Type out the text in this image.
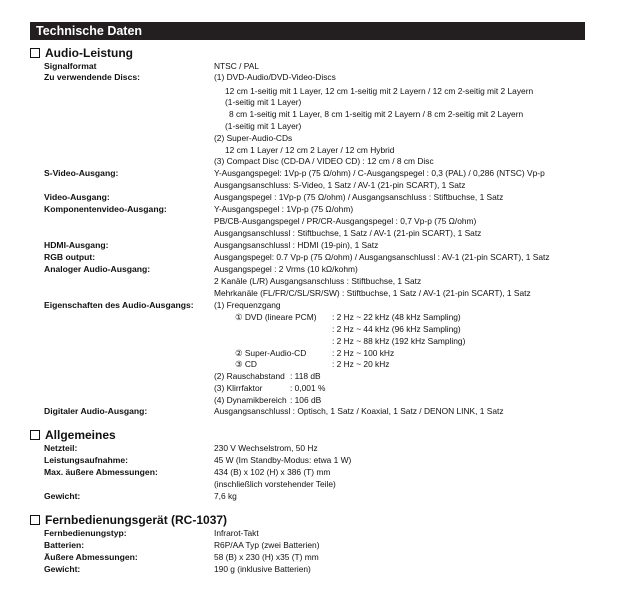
Technische Daten
Audio-Leistung
Signalformat	NTSC / PAL
Zu verwendende Discs:	(1) DVD-Audio/DVD-Video-Discs
12 cm 1-seitig mit 1 Layer, 12 cm 1-seitig mit 2 Layern / 12 cm 2-seitig mit 2 Layern
(1-seitig mit 1 Layer)
8 cm 1-seitig mit 1 Layer, 8 cm 1-seitig mit 2 Layern / 8 cm 2-seitig mit 2 Layern
(1-seitig mit 1 Layer)
(2) Super-Audio-CDs
12 cm 1 Layer / 12 cm 2 Layer / 12 cm Hybrid
(3) Compact Disc (CD-DA / VIDEO CD) : 12 cm / 8 cm Disc
S-Video-Ausgang:	Y-Ausgangspegel: 1Vp-p (75 Ω/ohm) / C-Ausgangspegel : 0,3 (PAL) / 0,286 (NTSC) Vp-p
Ausgangsanschluss: S-Video, 1 Satz / AV-1 (21-pin SCART), 1 Satz
Video-Ausgang:	Ausgangspegel : 1Vp-p (75 Ω/ohm) / Ausgangsanschluss : Stiftbuchse, 1 Satz
Komponentenvideo-Ausgang:	Y-Ausgangspegel : 1Vp-p (75 Ω/ohm)
PB/CB-Ausgangspegel / PR/CR-Ausgangspegel : 0,7 Vp-p (75 Ω/ohm)
Ausgangsanschlussl : Stiftbuchse, 1 Satz / AV-1 (21-pin SCART), 1 Satz
HDMI-Ausgang:	Ausgangsanschlussl : HDMI (19-pin), 1 Satz
RGB output:	Ausgangspegel: 0.7 Vp-p (75 Ω/ohm) / Ausgangsanschlussl : AV-1 (21-pin SCART), 1 Satz
Analoger Audio-Ausgang:	Ausgangspegel : 2 Vrms (10 kΩ/kohm)
2 Kanäle (L/R) Ausgangsanschluss : Stiftbuchse, 1 Satz
Mehrkanäle (FL/FR/C/SL/SR/SW) : Stiftbuchse, 1 Satz / AV-1 (21-pin SCART), 1 Satz
Eigenschaften des Audio-Ausgangs: (1) Frequenzgang
① DVD (lineare PCM) : 2 Hz ~ 22 kHz (48 kHz Sampling)
: 2 Hz ~ 44 kHz (96 kHz Sampling)
: 2 Hz ~ 88 kHz (192 kHz Sampling)
② Super-Audio-CD	: 2 Hz ~ 100 kHz
③ CD	: 2 Hz ~ 20 kHz
(2) Rauschabstand : 118 dB
(3) Klirrfaktor	: 0,001 %
(4) Dynamikbereich : 106 dB
Digitaler Audio-Ausgang:	Ausgangsanschlussl : Optisch, 1 Satz / Koaxial, 1 Satz / DENON LINK, 1 Satz
Allgemeines
Netzteil:	230 V Wechselstrom, 50 Hz
Leistungsaufnahme:	45 W (Im Standby-Modus: etwa 1 W)
Max. äußere Abmessungen:	434 (B) x 102 (H) x 386 (T) mm
(inschließlich vorstehender Teile)
Gewicht:	7,6 kg
Fernbedienungsgerät (RC-1037)
Fernbedienungstyp:	Infrarot-Takt
Batterien:	R6P/AA Typ (zwei Batterien)
Äußere Abmessungen:	58 (B) x 230 (H) x35 (T) mm
Gewicht:	190 g (inklusive Batterien)
